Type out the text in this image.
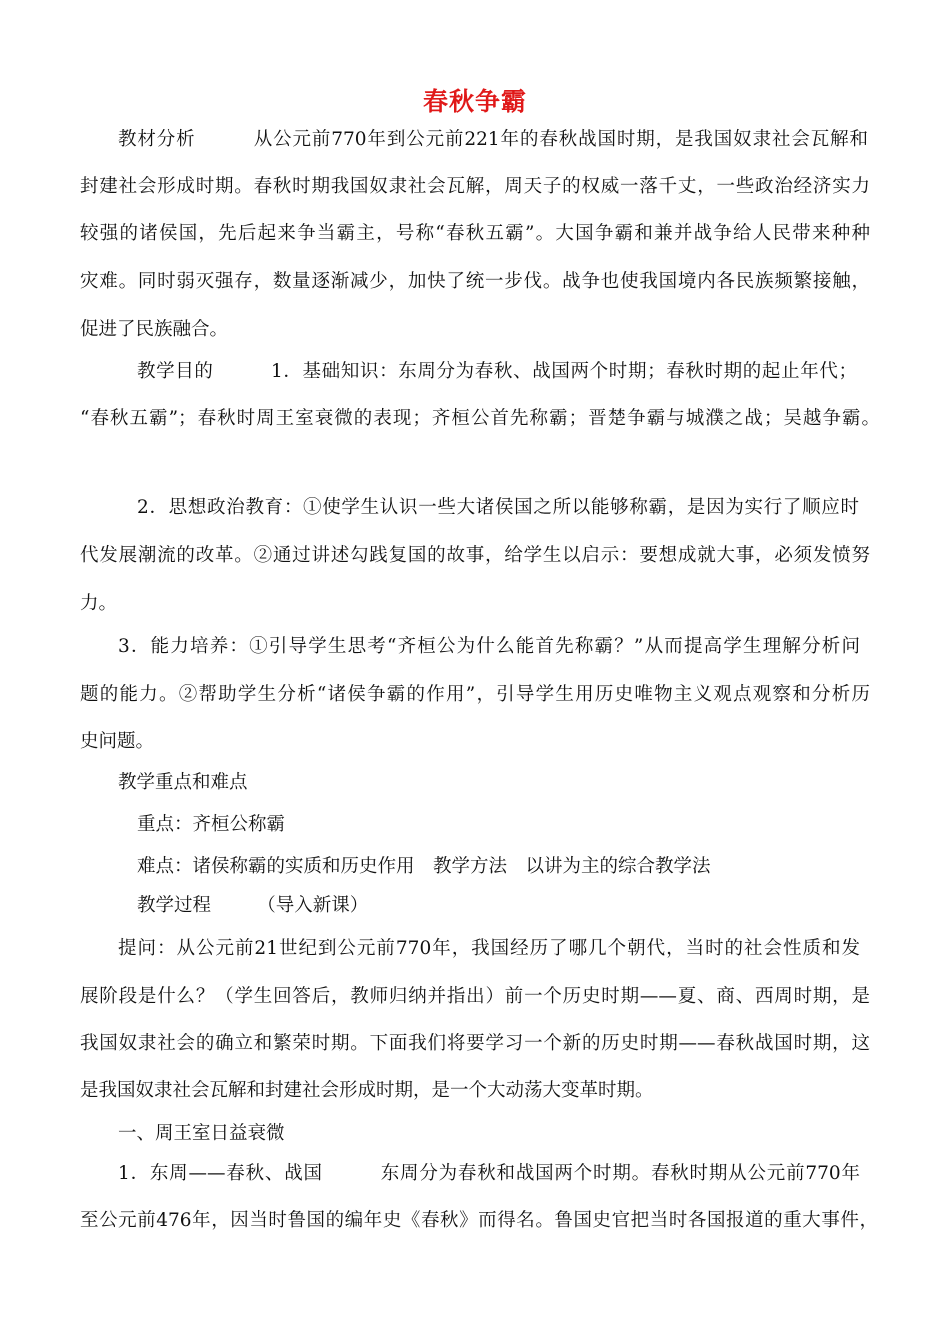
春秋争霸
教材分析　　　从公元前770年到公元前221年的春秋战国时期，是我国奴隶社会瓦解和
封建社会形成时期。春秋时期我国奴隶社会瓦解，周天子的权威一落千丈，一些政治经济实力
较强的诸侯国，先后起来争当霸主，号称“春秋五霸”。大国争霸和兼并战争给人民带来种种
灾难。同时弱灭强存，数量逐渐减少，加快了统一步伐。战争也使我国境内各民族频繁接触，
促进了民族融合。
教学目的　　　1．基础知识：东周分为春秋、战国两个时期；春秋时期的起止年代；
“春秋五霸”；春秋时周王室衰微的表现；齐桓公首先称霸；晋楚争霸与城濮之战；吴越争霸。
2．思想政治教育：①使学生认识一些大诸侯国之所以能够称霸，是因为实行了顺应时
代发展潮流的改革。②通过讲述勾践复国的故事，给学生以启示：要想成就大事，必须发愤努
力。
3．能力培养：①引导学生思考“齐桓公为什么能首先称霸？”从而提高学生理解分析问
题的能力。②帮助学生分析“诸侯争霸的作用”，引导学生用历史唯物主义观点观察和分析历
史问题。
教学重点和难点
重点：齐桓公称霸
难点：诸侯称霸的实质和历史作用　教学方法　以讲为主的综合教学法
教学过程　　　（导入新课）
提问：从公元前21世纪到公元前770年，我国经历了哪几个朝代，当时的社会性质和发
展阶段是什么？（学生回答后，教师归纳并指出）前一个历史时期——夏、商、西周时期，是
我国奴隶社会的确立和繁荣时期。下面我们将要学习一个新的历史时期——春秋战国时期，这
是我国奴隶社会瓦解和封建社会形成时期，是一个大动荡大变革时期。
一、周王室日益衰微
1．东周——春秋、战国　　　东周分为春秋和战国两个时期。春秋时期从公元前770年
至公元前476年，因当时鲁国的编年史《春秋》而得名。鲁国史官把当时各国报道的重大事件，
